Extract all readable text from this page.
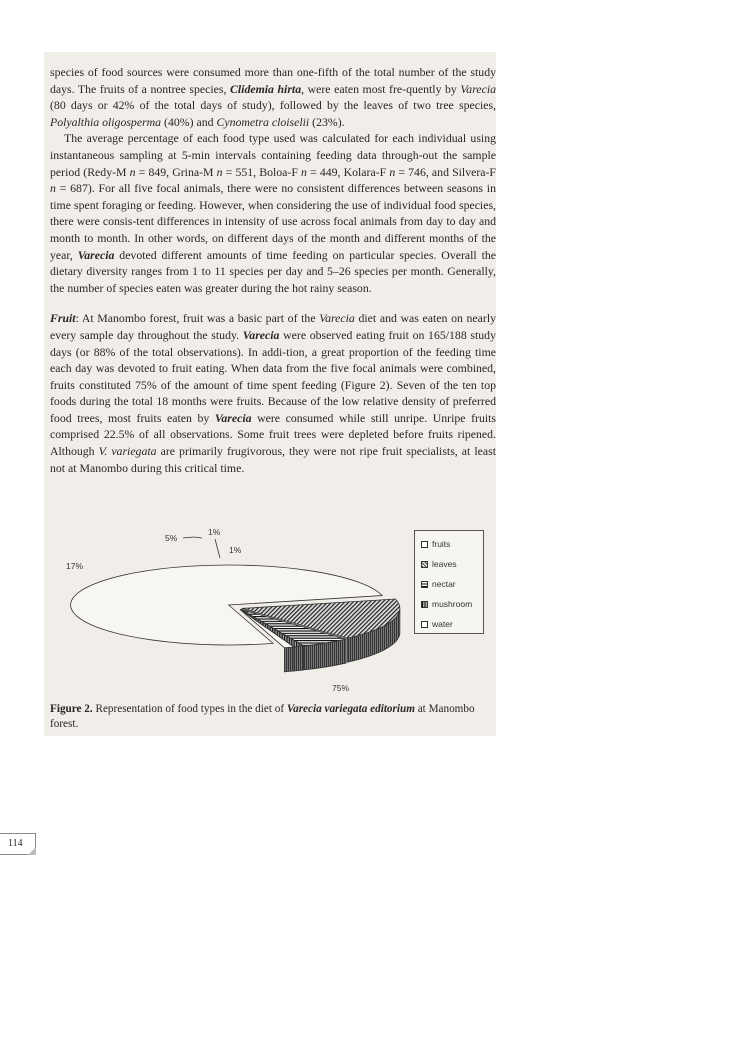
species of food sources were consumed more than one-fifth of the total number of the study days. The fruits of a nontree species, Clidemia hirta, were eaten most fre-quently by Varecia (80 days or 42% of the total days of study), followed by the leaves of two tree species, Polyalthia oligosperma (40%) and Cynometra cloiselii (23%).

The average percentage of each food type used was calculated for each individual using instantaneous sampling at 5-min intervals containing feeding data through-out the sample period (Redy-M n = 849, Grina-M n = 551, Boloa-F n = 449, Kolara-F n = 746, and Silvera-F n = 687). For all five focal animals, there were no consistent differences between seasons in time spent foraging or feeding. However, when considering the use of individual food species, there were consis-tent differences in intensity of use across focal animals from day to day and month to month. In other words, on different days of the month and different months of the year, Varecia devoted different amounts of time feeding on particular species. Overall the dietary diversity ranges from 1 to 11 species per day and 5–26 species per month. Generally, the number of species eaten was greater during the hot rainy season.

Fruit: At Manombo forest, fruit was a basic part of the Varecia diet and was eaten on nearly every sample day throughout the study. Varecia were observed eating fruit on 165/188 study days (or 88% of the total observations). In addi-tion, a great proportion of the feeding time each day was devoted to fruit eating. When data from the five focal animals were combined, fruits constituted 75% of the amount of time spent feeding (Figure 2). Seven of the ten top foods during the total 18 months were fruits. Because of the low relative density of preferred food trees, most fruits eaten by Varecia were consumed while still unripe. Unripe fruits comprised 22.5% of all observations. Some fruit trees were depleted before fruits ripened. Although V. variegata are primarily frugivorous, they were not ripe fruit specialists, at least not at Manombo during this critical time.

75%
17%
5%
1%
1%
fruits
leaves
nectar
mushroom
water
Figure 2. Representation of food types in the diet of Varecia variegata editorium at Manombo forest.
114
